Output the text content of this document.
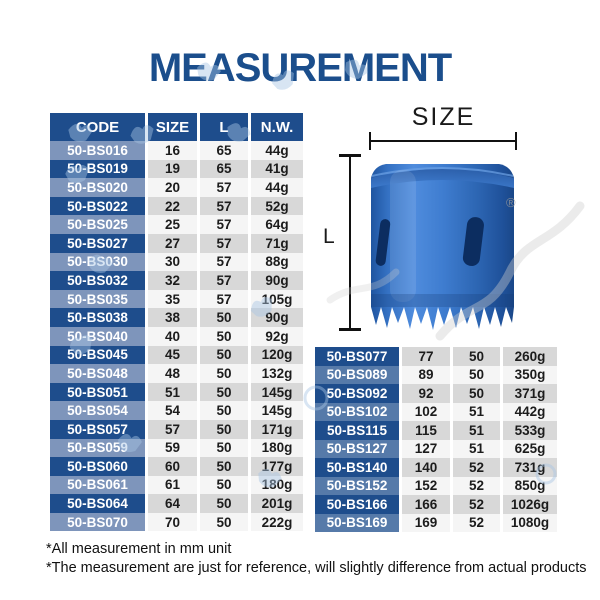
MEASUREMENT
CODE	SIZE	L	N.W.
50-BS016	16	65	44g
50-BS019	19	65	41g
50-BS020	20	57	44g
50-BS022	22	57	52g
50-BS025	25	57	64g
50-BS027	27	57	71g
50-BS030	30	57	88g
50-BS032	32	57	90g
50-BS035	35	57	105g
50-BS038	38	50	90g
50-BS040	40	50	92g
50-BS045	45	50	120g
50-BS048	48	50	132g
50-BS051	51	50	145g
50-BS054	54	50	145g
50-BS057	57	50	171g
50-BS059	59	50	180g
50-BS060	60	50	177g
50-BS061	61	50	180g
50-BS064	64	50	201g
50-BS070	70	50	222g
SIZE
L
®
50-BS077	77	50	260g
50-BS089	89	50	350g
50-BS092	92	50	371g
50-BS102	102	51	442g
50-BS115	115	51	533g
50-BS127	127	51	625g
50-BS140	140	52	731g
50-BS152	152	52	850g
50-BS166	166	52	1026g
50-BS169	169	52	1080g
*All measurement in mm unit
*The measurement are just for reference, will slightly difference from actual products
